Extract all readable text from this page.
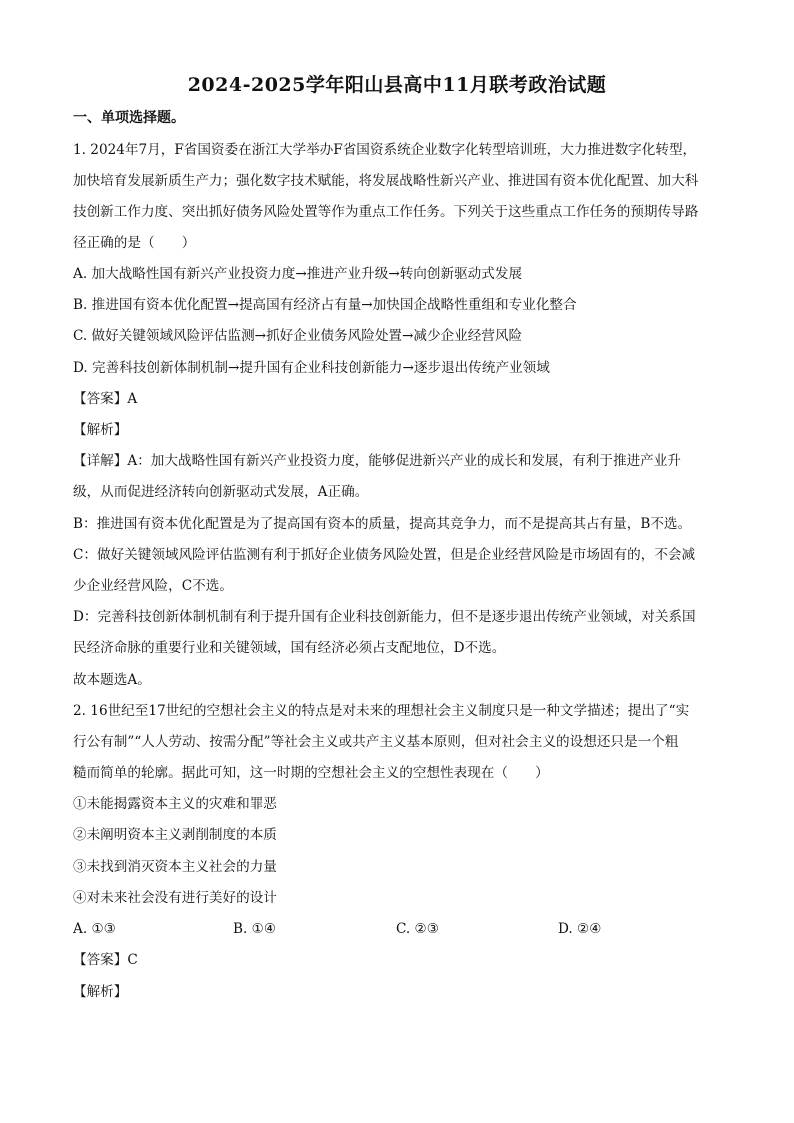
2024-2025学年阳山县高中11月联考政治试题
一、单项选择题。
1. 2024年7月，F省国资委在浙江大学举办F省国资系统企业数字化转型培训班，大力推进数字化转型，
加快培育发展新质生产力；强化数字技术赋能，将发展战略性新兴产业、推进国有资本优化配置、加大科
技创新工作力度、突出抓好债务风险处置等作为重点工作任务。下列关于这些重点工作任务的预期传导路
径正确的是（　　）
A. 加大战略性国有新兴产业投资力度→推进产业升级→转向创新驱动式发展
B. 推进国有资本优化配置→提高国有经济占有量→加快国企战略性重组和专业化整合
C. 做好关键领域风险评估监测→抓好企业债务风险处置→减少企业经营风险
D. 完善科技创新体制机制→提升国有企业科技创新能力→逐步退出传统产业领域
【答案】A
【解析】
【详解】A：加大战略性国有新兴产业投资力度，能够促进新兴产业的成长和发展，有利于推进产业升
级，从而促进经济转向创新驱动式发展，A正确。
B：推进国有资本优化配置是为了提高国有资本的质量，提高其竞争力，而不是提高其占有量，B不选。
C：做好关键领域风险评估监测有利于抓好企业债务风险处置，但是企业经营风险是市场固有的，不会减
少企业经营风险，C不选。
D：完善科技创新体制机制有利于提升国有企业科技创新能力，但不是逐步退出传统产业领域，对关系国
民经济命脉的重要行业和关键领域，国有经济必须占支配地位，D不选。
故本题选A。
2. 16世纪至17世纪的空想社会主义的特点是对未来的理想社会主义制度只是一种文学描述；提出了“实
行公有制”“人人劳动、按需分配”等社会主义或共产主义基本原则，但对社会主义的设想还只是一个粗
糙而简单的轮廓。据此可知，这一时期的空想社会主义的空想性表现在（　　）
①未能揭露资本主义的灾难和罪恶
②未阐明资本主义剥削制度的本质
③未找到消灭资本主义社会的力量
④对未来社会没有进行美好的设计
A. ①③	B. ①④	C. ②③	D. ②④
【答案】C
【解析】
